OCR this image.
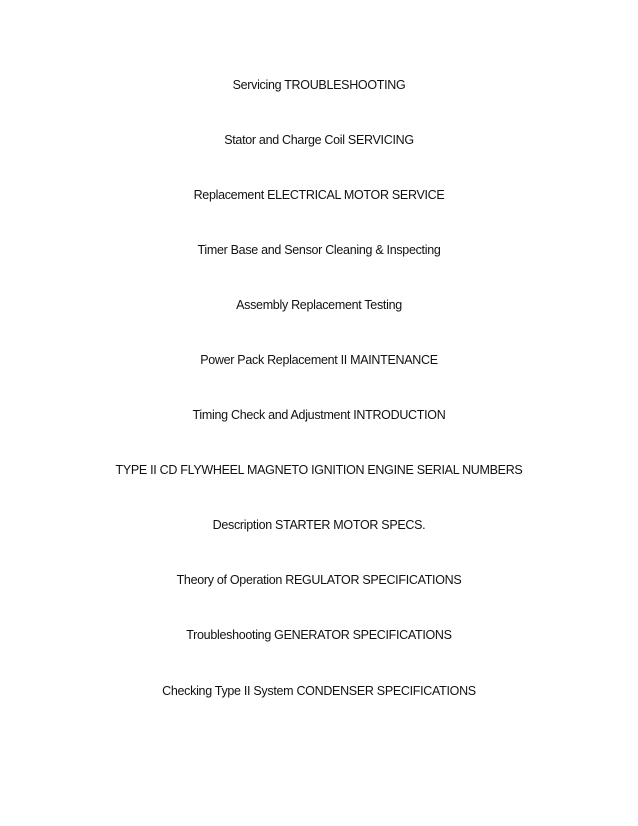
Servicing TROUBLESHOOTING
Stator and Charge Coil SERVICING
Replacement ELECTRICAL MOTOR SERVICE
Timer Base and Sensor Cleaning & Inspecting
Assembly Replacement Testing
Power Pack Replacement II MAINTENANCE
Timing Check and Adjustment INTRODUCTION
TYPE II CD FLYWHEEL MAGNETO IGNITION ENGINE SERIAL NUMBERS
Description STARTER MOTOR SPECS.
Theory of Operation REGULATOR SPECIFICATIONS
Troubleshooting GENERATOR SPECIFICATIONS
Checking Type II System CONDENSER SPECIFICATIONS
